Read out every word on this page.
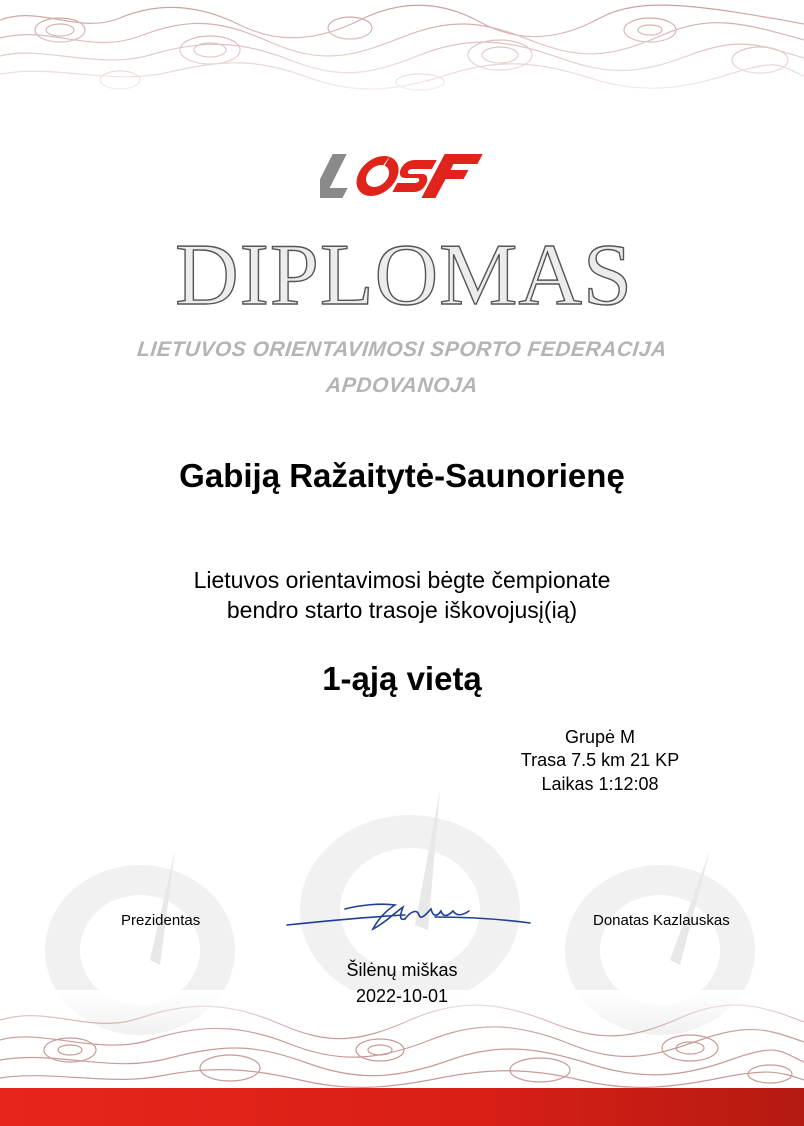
DIPLOMAS
LIETUVOS ORIENTAVIMOSI SPORTO FEDERACIJA
APDOVANOJA
Gabiją Ražaitytė-Saunorienę
Lietuvos orientavimosi bėgte čempionate
bendro starto trasoje iškovojusį(ią)
1-ąją vietą
Grupė M
Trasa 7.5 km 21 KP
Laikas 1:12:08
Prezidentas	Donatas Kazlauskas
Šilėnų miškas
2022-10-01
